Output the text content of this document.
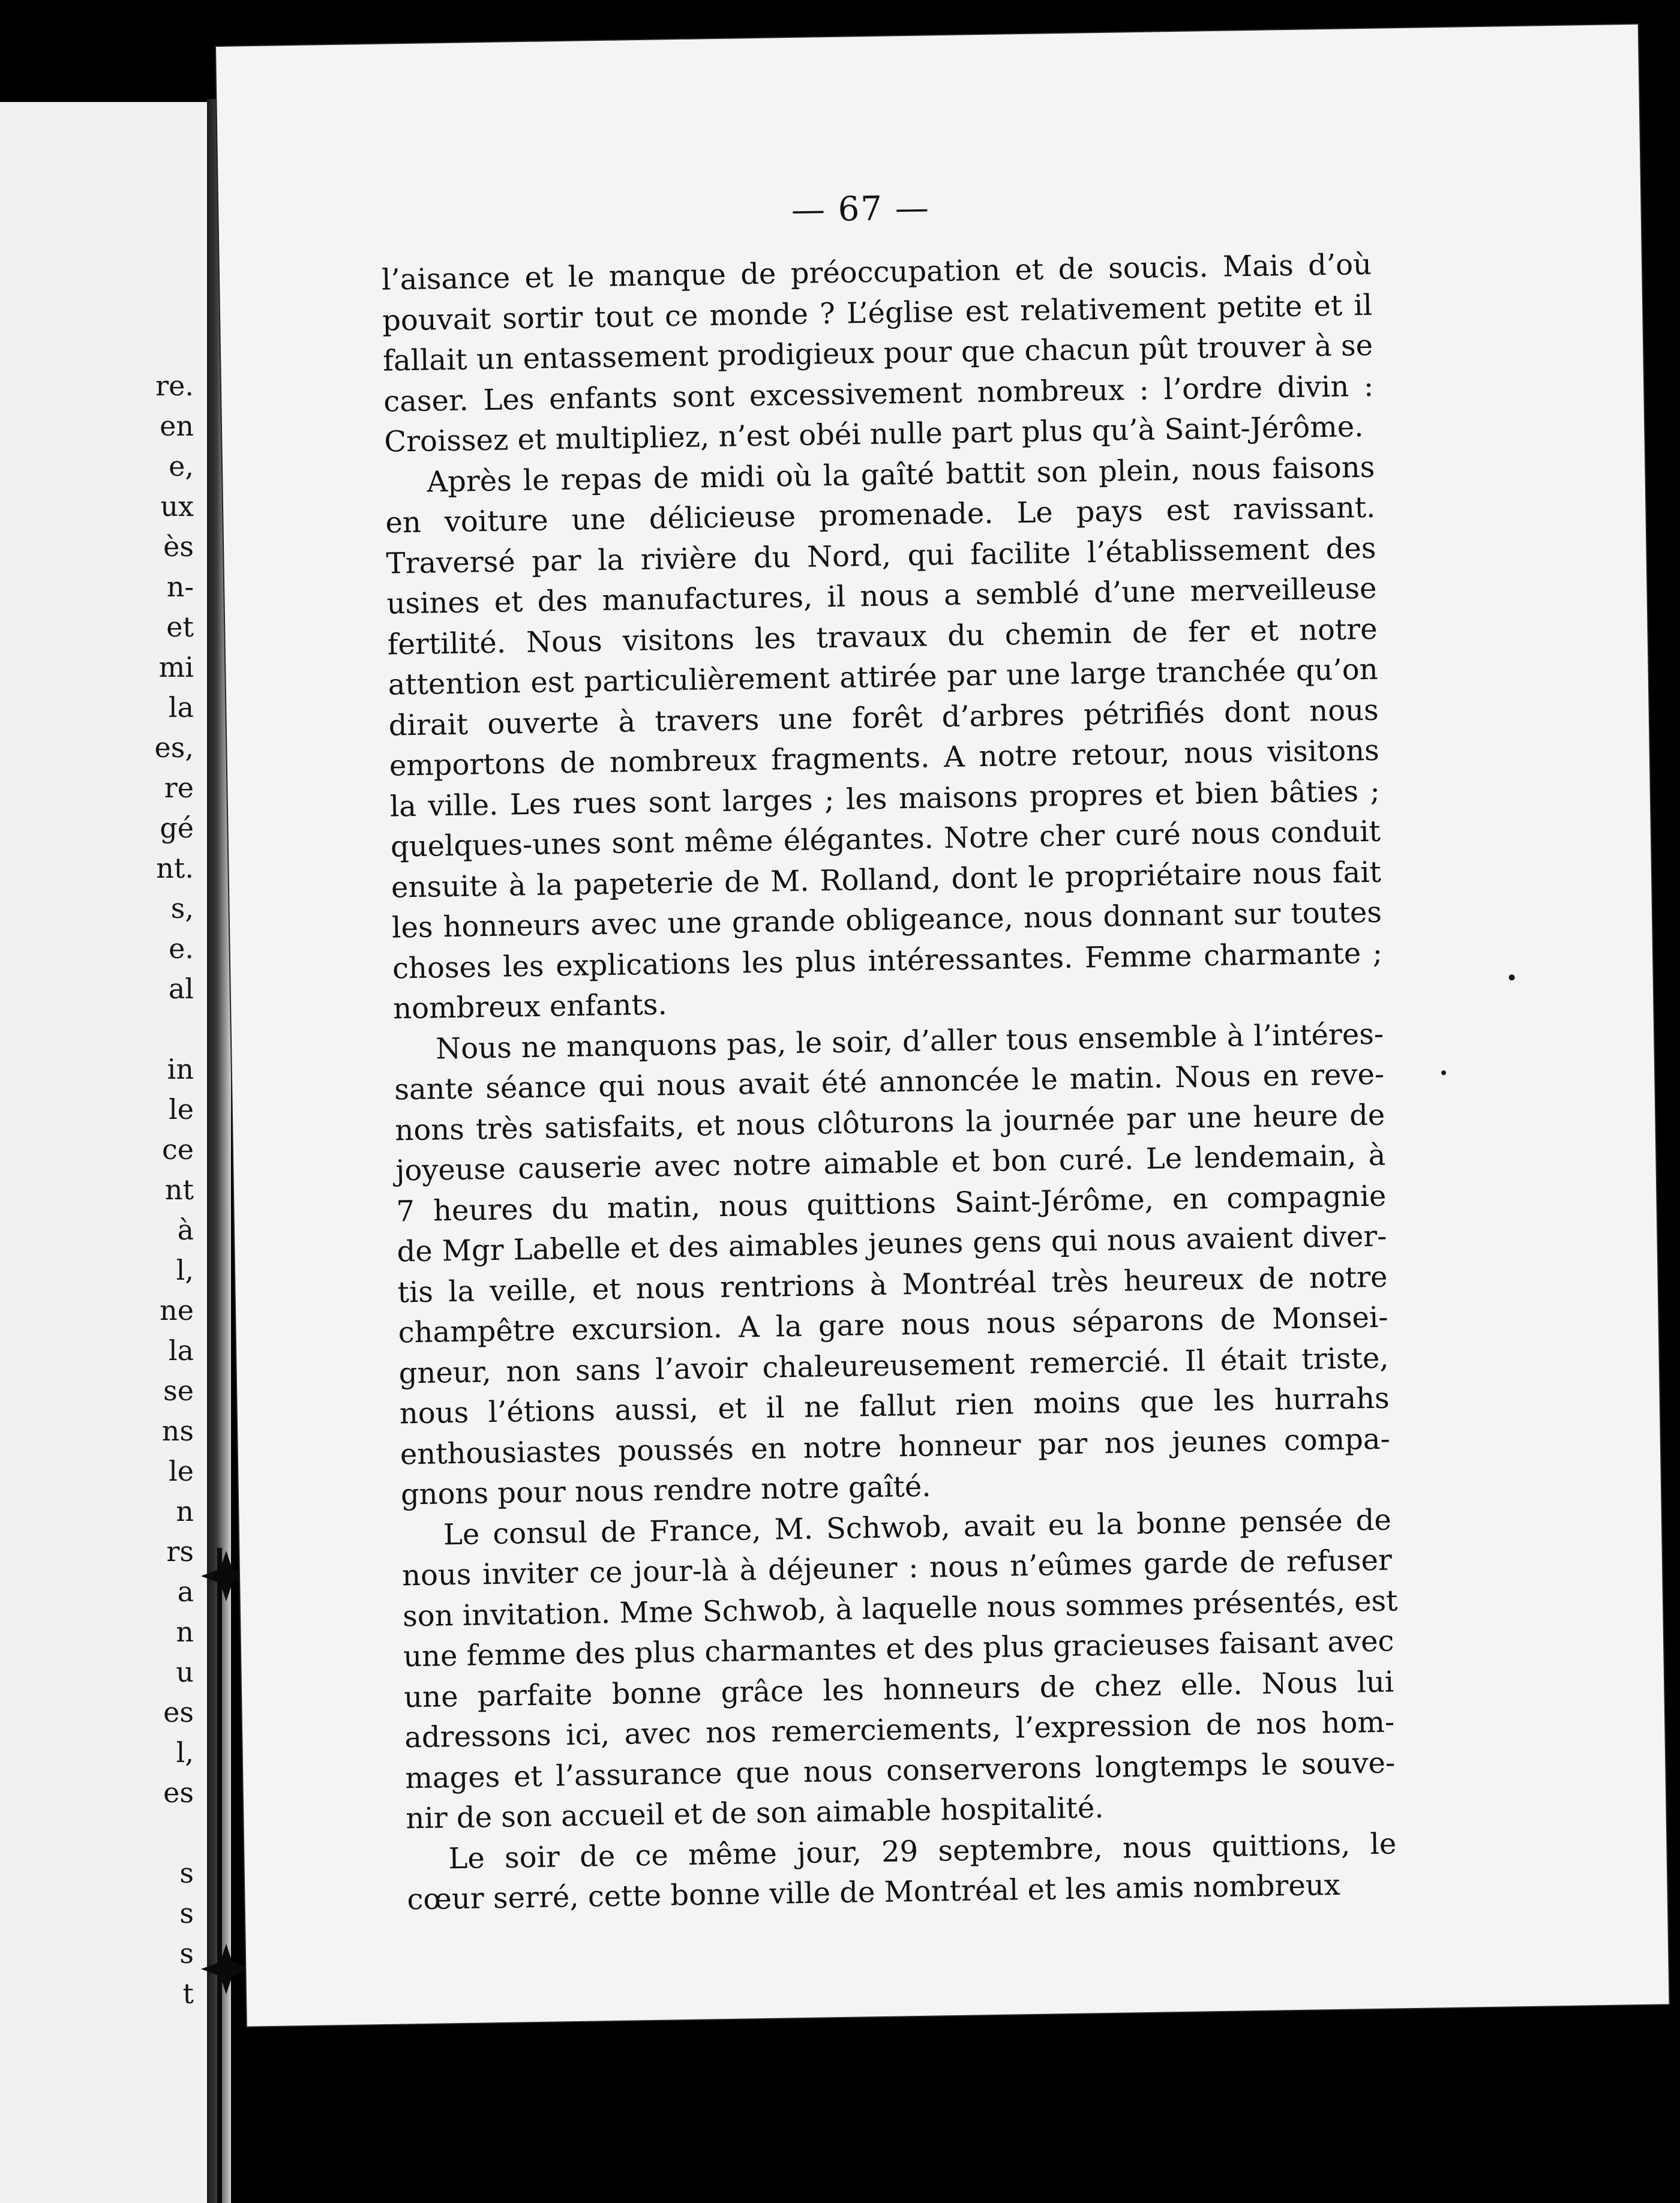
re.
en
e,
ux
ès
n-
et
mi
la
es,
re
gé
nt.
s,
e.
al
in
le
ce
nt
à
l,
ne
la
se
ns
le
n
rs
a
n
u
es
l,
es
s
s
s
t
— 67 —

l’aisance et le manque de préoccupation et de soucis. Mais d’où
pouvait sortir tout ce monde ? L’église est relativement petite et il
fallait un entassement prodigieux pour que chacun pût trouver à se
caser. Les enfants sont excessivement nombreux : l’ordre divin :
Croissez et multipliez, n’est obéi nulle part plus qu’à Saint-Jérôme.

Après le repas de midi où la gaîté battit son plein, nous faisons
en voiture une délicieuse promenade. Le pays est ravissant.
Traversé par la rivière du Nord, qui facilite l’établissement des
usines et des manufactures, il nous a semblé d’une merveilleuse
fertilité. Nous visitons les travaux du chemin de fer et notre
attention est particulièrement attirée par une large tranchée qu’on
dirait ouverte à travers une forêt d’arbres pétrifiés dont nous
emportons de nombreux fragments. A notre retour, nous visitons
la ville. Les rues sont larges ; les maisons propres et bien bâties ;
quelques-unes sont même élégantes. Notre cher curé nous conduit
ensuite à la papeterie de M. Rolland, dont le propriétaire nous fait
les honneurs avec une grande obligeance, nous donnant sur toutes
choses les explications les plus intéressantes. Femme charmante ;
nombreux enfants.

Nous ne manquons pas, le soir, d’aller tous ensemble à l’intéres-
sante séance qui nous avait été annoncée le matin. Nous en reve-
nons très satisfaits, et nous clôturons la journée par une heure de
joyeuse causerie avec notre aimable et bon curé. Le lendemain, à
7 heures du matin, nous quittions Saint-Jérôme, en compagnie
de Mgr Labelle et des aimables jeunes gens qui nous avaient diver-
tis la veille, et nous rentrions à Montréal très heureux de notre
champêtre excursion. A la gare nous nous séparons de Monsei-
gneur, non sans l’avoir chaleureusement remercié. Il était triste,
nous l’étions aussi, et il ne fallut rien moins que les hurrahs
enthousiastes poussés en notre honneur par nos jeunes compa-
gnons pour nous rendre notre gaîté.

Le consul de France, M. Schwob, avait eu la bonne pensée de
nous inviter ce jour-là à déjeuner : nous n’eûmes garde de refuser
son invitation. Mme Schwob, à laquelle nous sommes présentés, est
une femme des plus charmantes et des plus gracieuses faisant avec
une parfaite bonne grâce les honneurs de chez elle. Nous lui
adressons ici, avec nos remerciements, l’expression de nos hom-
mages et l’assurance que nous conserverons longtemps le souve-
nir de son accueil et de son aimable hospitalité.

Le soir de ce même jour, 29 septembre, nous quittions, le
cœur serré, cette bonne ville de Montréal et les amis nombreux
